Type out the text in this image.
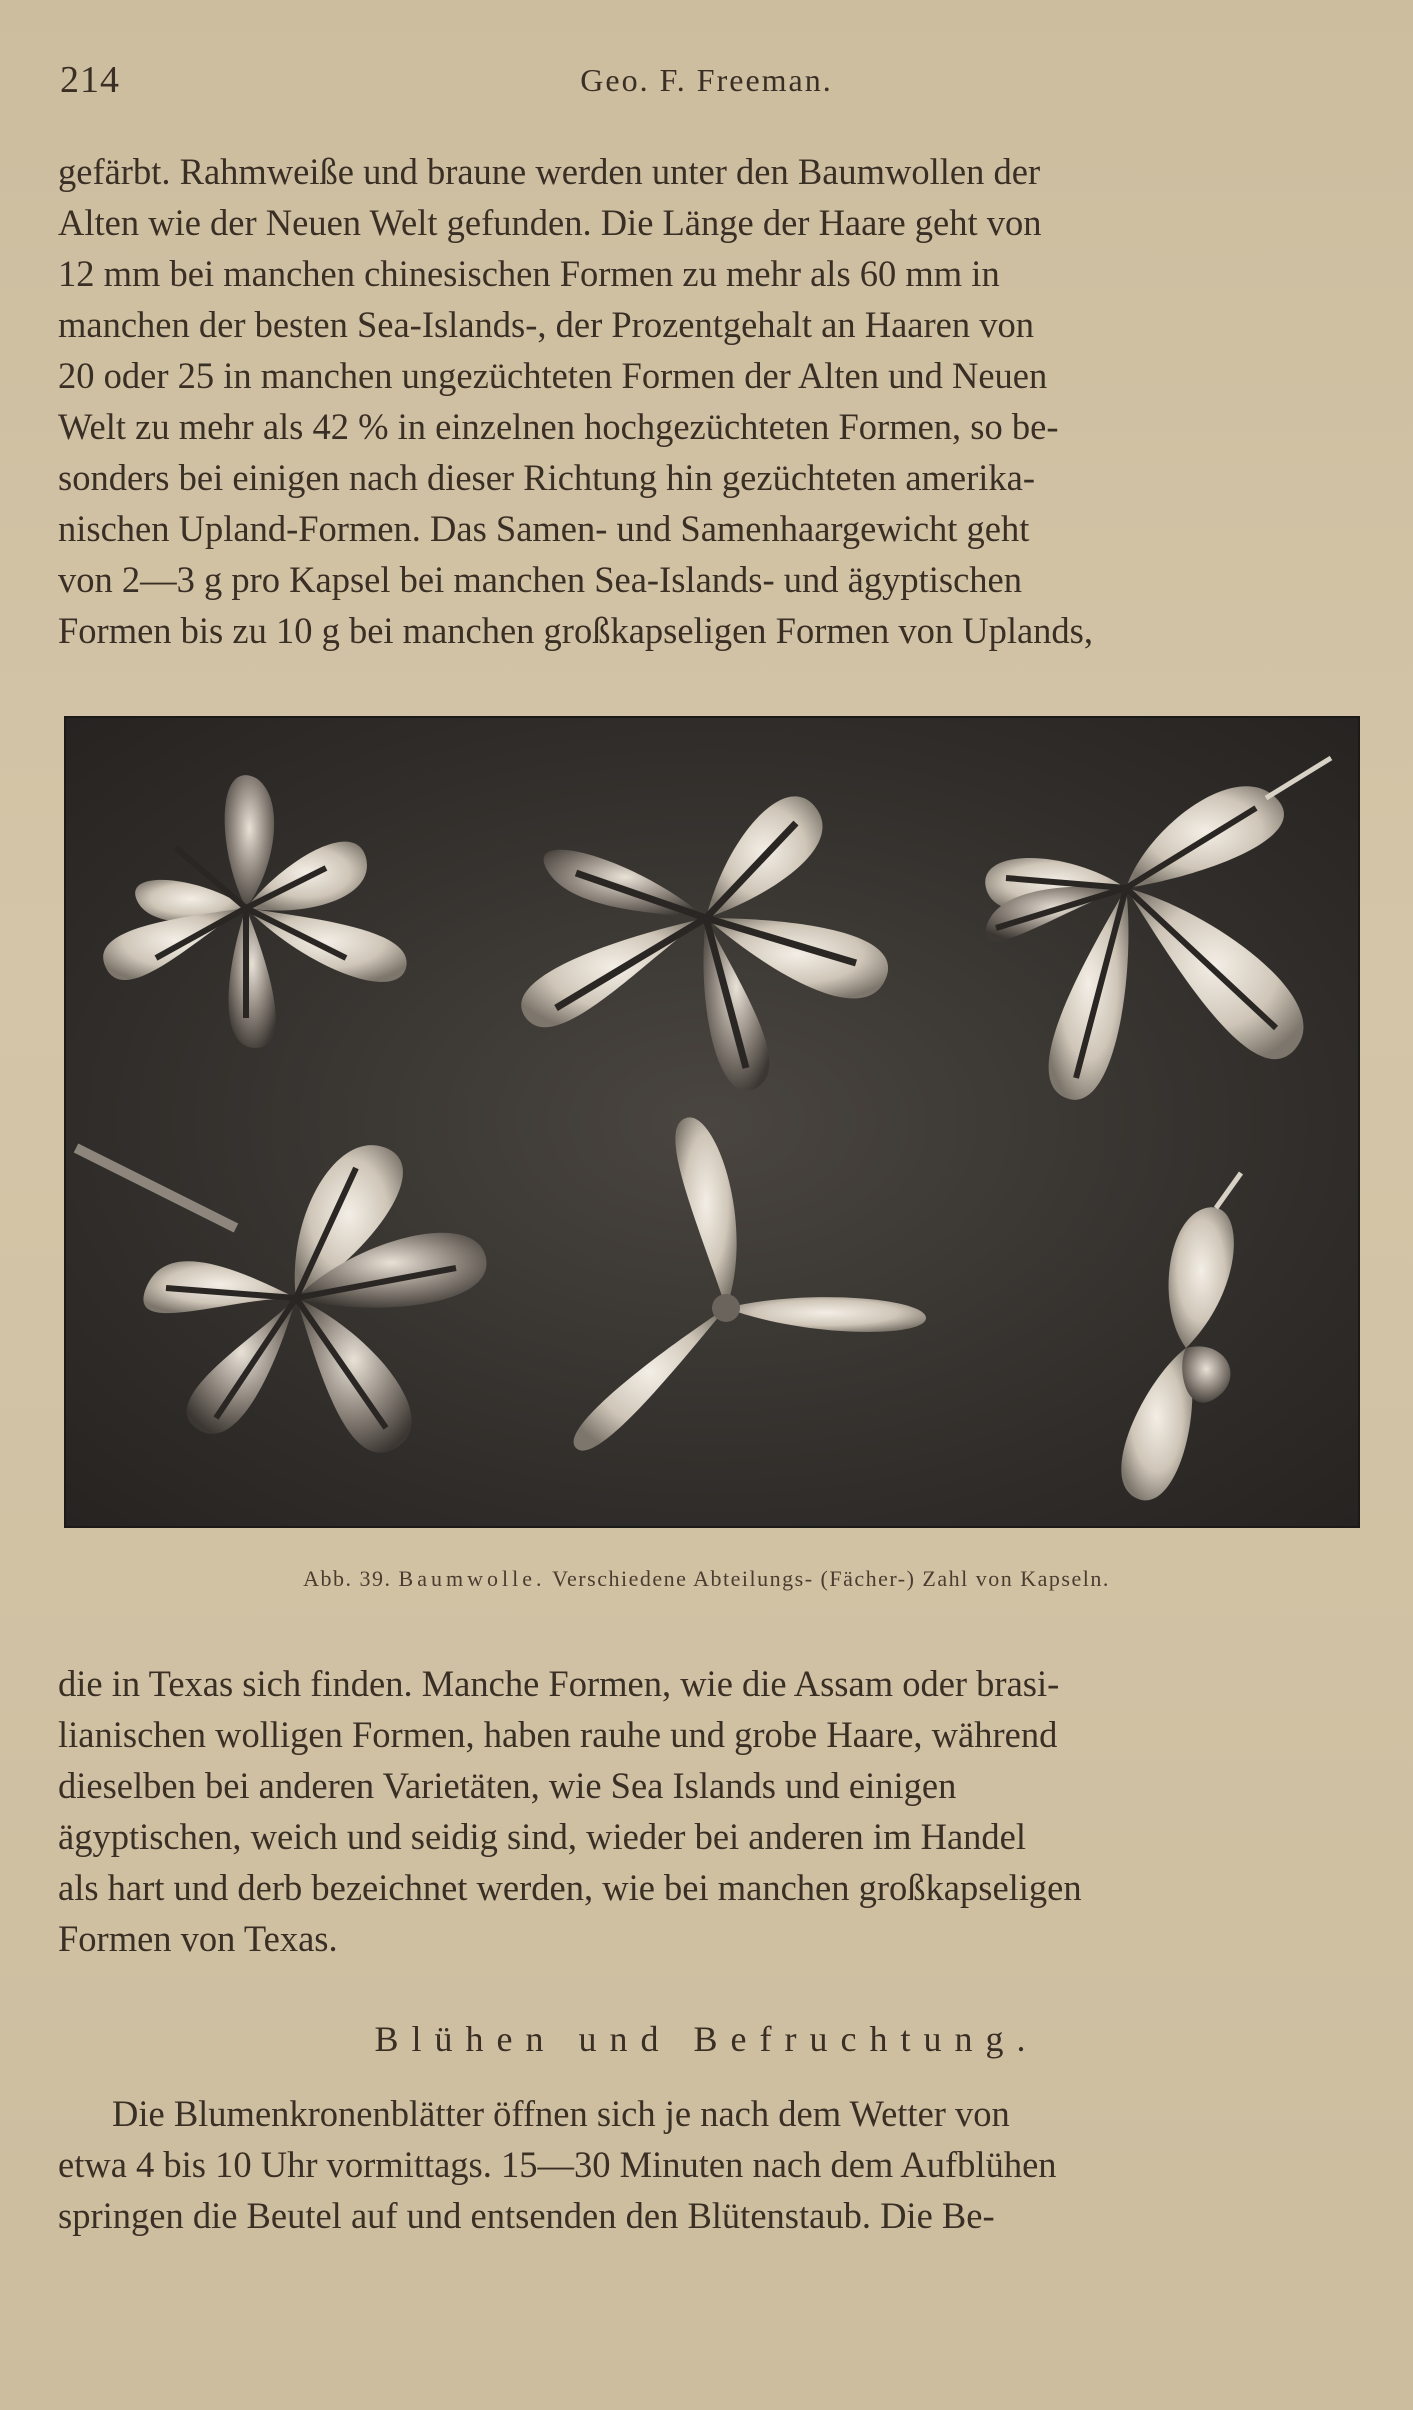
214	Geo. F. Freeman.

gefärbt. Rahmweiße und braune werden unter den Baumwollen der

Alten wie der Neuen Welt gefunden. Die Länge der Haare geht von

12 mm bei manchen chinesischen Formen zu mehr als 60 mm in

manchen der besten Sea-Islands-, der Prozentgehalt an Haaren von

20 oder 25 in manchen ungezüchteten Formen der Alten und Neuen

Welt zu mehr als 42 % in einzelnen hochgezüchteten Formen, so be-

sonders bei einigen nach dieser Richtung hin gezüchteten amerika-

nischen Upland-Formen. Das Samen- und Samenhaargewicht geht

von 2—3 g pro Kapsel bei manchen Sea-Islands- und ägyptischen

Formen bis zu 10 g bei manchen großkapseligen Formen von Uplands,

Abb. 39. Baumwolle. Verschiedene Abteilungs- (Fächer-) Zahl von Kapseln.

die in Texas sich finden. Manche Formen, wie die Assam oder brasi-

lianischen wolligen Formen, haben rauhe und grobe Haare, während

dieselben bei anderen Varietäten, wie Sea Islands und einigen

ägyptischen, weich und seidig sind, wieder bei anderen im Handel

als hart und derb bezeichnet werden, wie bei manchen großkapseligen

Formen von Texas.

Blühen und Befruchtung.

Die Blumenkronenblätter öffnen sich je nach dem Wetter von

etwa 4 bis 10 Uhr vormittags. 15—30 Minuten nach dem Aufblühen

springen die Beutel auf und entsenden den Blütenstaub. Die Be-
